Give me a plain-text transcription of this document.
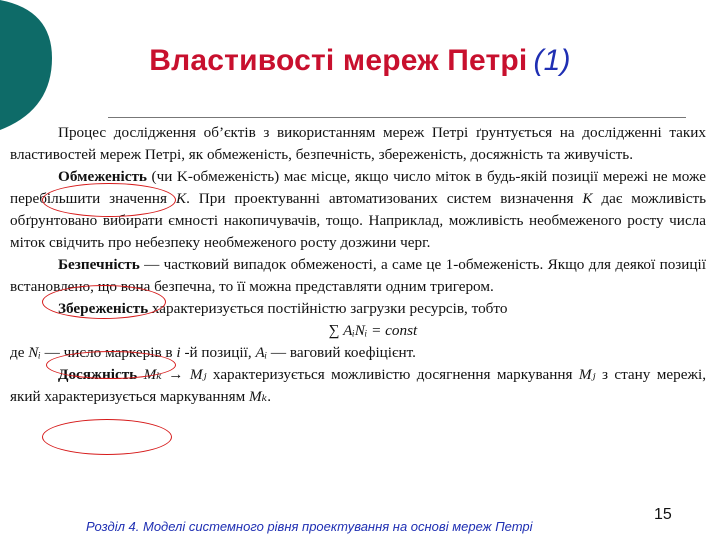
Властивості мереж Петрі (1)

Процес дослідження об’єктів з використанням мереж Петрі ґрунтується на дослідженні таких властивостей мереж Петрі, як обмеженість, безпечність, збереженість, досяжність та живучість.

Обмеженість (чи K-обмеженість) має місце, якщо число міток в будь-якій позиції мережі не може перебільшити значення K. При проектуванні автоматизованих систем визначення K дає можливість обґрунтовано вибирати ємності накопичувачів, тощо. Наприклад, можливість необмеженого росту числа міток свідчить про небезпеку необмеженого росту дозжини черг.

Безпечність — частковий випадок обмеженості, а саме це 1-обмеженість. Якщо для деякої позиції встановлено, що вона безпечна, то її можна представляти одним тригером.

Збереженість характеризується постійністю загрузки ресурсів, тобто

∑ AᵢNᵢ = const

де Nᵢ — число маркерів в i -й позиції, Aᵢ — ваговий коефіцієнт.

Досяжність Mₖ → Mⱼ характеризується можливістю досягнення маркування Mⱼ з стану мережі, який характеризується маркуванням Mₖ.

Розділ 4. Моделі системного рівня проектування на основі мереж Петрі
15
